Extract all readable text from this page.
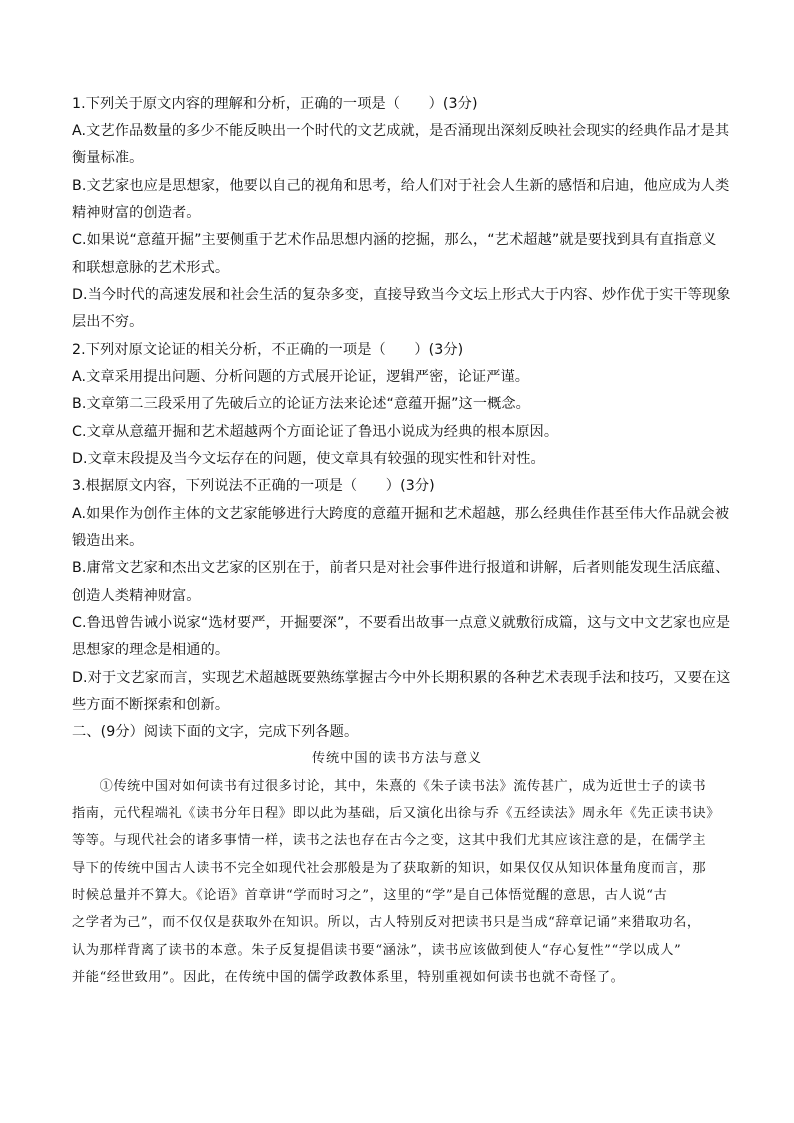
1.下列关于原文内容的理解和分析，正确的一项是（　　）(3分)
A.文艺作品数量的多少不能反映出一个时代的文艺成就，是否涌现出深刻反映社会现实的经典作品才是其
衡量标准。
B.文艺家也应是思想家，他要以自己的视角和思考，给人们对于社会人生新的感悟和启迪，他应成为人类
精神财富的创造者。
C.如果说“意蕴开掘”主要侧重于艺术作品思想内涵的挖掘，那么，“艺术超越”就是要找到具有直指意义
和联想意脉的艺术形式。
D.当今时代的高速发展和社会生活的复杂多变，直接导致当今文坛上形式大于内容、炒作优于实干等现象
层出不穷。
2.下列对原文论证的相关分析，不正确的一项是（　　）(3分)
A.文章采用提出问题、分析问题的方式展开论证，逻辑严密，论证严谨。
B.文章第二三段采用了先破后立的论证方法来论述“意蕴开掘”这一概念。
C.文章从意蕴开掘和艺术超越两个方面论证了鲁迅小说成为经典的根本原因。
D.文章末段提及当今文坛存在的问题，使文章具有较强的现实性和针对性。
3.根据原文内容，下列说法不正确的一项是（　　）(3分)
A.如果作为创作主体的文艺家能够进行大跨度的意蕴开掘和艺术超越，那么经典佳作甚至伟大作品就会被
锻造出来。
B.庸常文艺家和杰出文艺家的区别在于，前者只是对社会事件进行报道和讲解，后者则能发现生活底蕴、
创造人类精神财富。
C.鲁迅曾告诫小说家“选材要严，开掘要深”，不要看出故事一点意义就敷衍成篇，这与文中文艺家也应是
思想家的理念是相通的。
D.对于文艺家而言，实现艺术超越既要熟练掌握古今中外长期积累的各种艺术表现手法和技巧，又要在这
些方面不断探索和创新。
二、(9分）阅读下面的文字，完成下列各题。
传统中国的读书方法与意义
　　①传统中国对如何读书有过很多讨论，其中，朱熹的《朱子读书法》流传甚广，成为近世士子的读书
指南，元代程端礼《读书分年日程》即以此为基础，后又演化出徐与乔《五经读法》周永年《先正读书诀》
等等。与现代社会的诸多事情一样，读书之法也存在古今之变，这其中我们尤其应该注意的是，在儒学主
导下的传统中国古人读书不完全如现代社会那般是为了获取新的知识，如果仅仅从知识体量角度而言，那
时候总量并不算大。《论语》首章讲“学而时习之”，这里的“学”是自己体悟觉醒的意思，古人说“古
之学者为己”，而不仅仅是获取外在知识。所以，古人特别反对把读书只是当成“辞章记诵”来猎取功名，
认为那样背离了读书的本意。朱子反复提倡读书要“涵泳”，读书应该做到使人“存心复性”“学以成人”
并能“经世致用”。因此，在传统中国的儒学政教体系里，特别重视如何读书也就不奇怪了。
